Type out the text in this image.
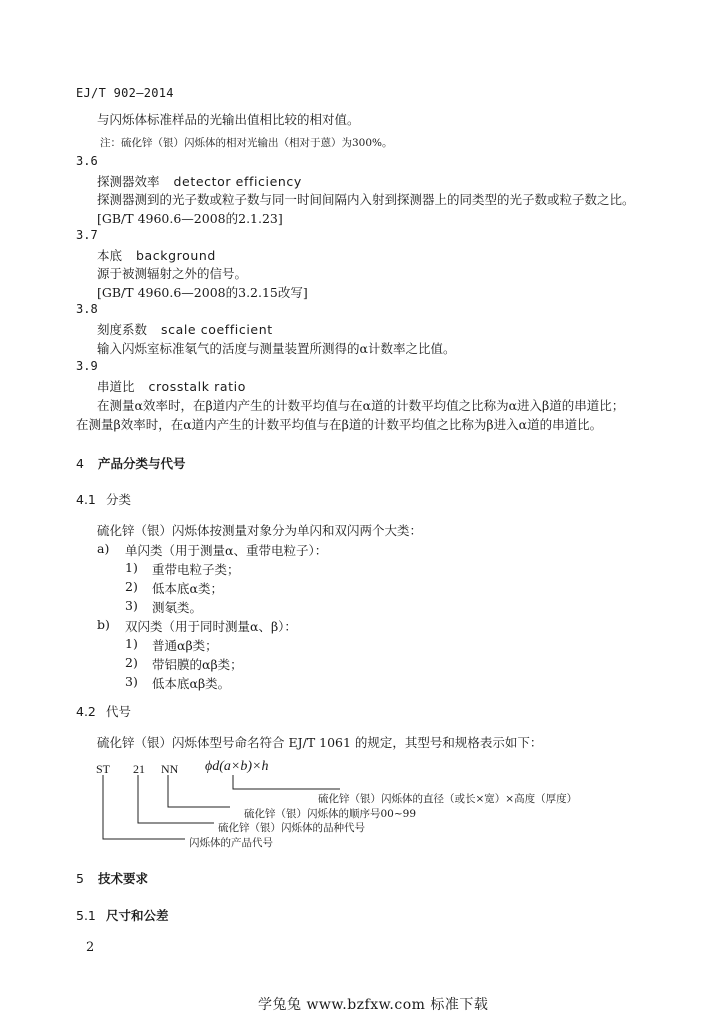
EJ/T 902—2014
与闪烁体标准样品的光输出值相比较的相对值。
注：硫化锌（银）闪烁体的相对光输出（相对于蒽）为300%。
3.6
探测器效率 detector efficiency
探测器测到的光子数或粒子数与同一时间间隔内入射到探测器上的同类型的光子数或粒子数之比。
[GB/T 4960.6—2008的2.1.23]
3.7
本底 background
源于被测辐射之外的信号。
[GB/T 4960.6—2008的3.2.15改写]
3.8
刻度系数 scale coefficient
输入闪烁室标准氡气的活度与测量装置所测得的α计数率之比值。
3.9
串道比 crosstalk ratio
在测量α效率时，在β道内产生的计数平均值与在α道的计数平均值之比称为α进入β道的串道比；
在测量β效率时，在α道内产生的计数平均值与在β道的计数平均值之比称为β进入α道的串道比。
4 产品分类与代号
4.1 分类
硫化锌（银）闪烁体按测量对象分为单闪和双闪两个大类：
a) 单闪类（用于测量α、重带电粒子）：
1) 重带电粒子类；
2) 低本底α类；
3) 测氡类。
b) 双闪类（用于同时测量α、β）：
1) 普通αβ类；
2) 带铝膜的αβ类；
3) 低本底αβ类。
4.2 代号
硫化锌（银）闪烁体型号命名符合 EJ/T 1061 的规定，其型号和规格表示如下：
ST 21 NN ϕd(a×b)×h
硫化锌（银）闪烁体的直径（或长×宽）×高度（厚度）
硫化锌（银）闪烁体的顺序号00~99
硫化锌（银）闪烁体的品种代号
闪烁体的产品代号
5 技术要求
5.1 尺寸和公差
2
学兔兔 www.bzfxw.com 标准下载
